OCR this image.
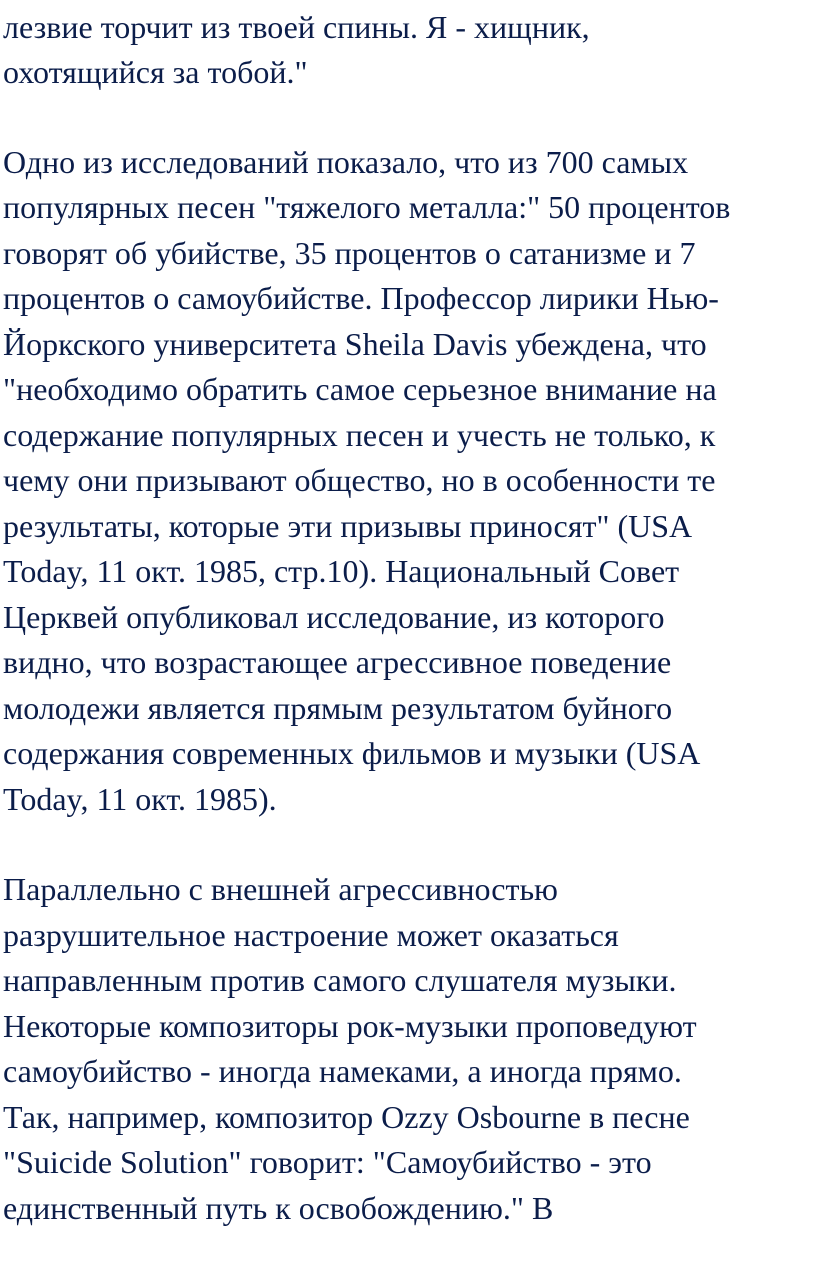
лезвие торчит из твоей спины. Я - хищник,

охотящийся за тобой."

Одно из исследований показало, что из 700 самых

популярных песен "тяжелого металла:" 50 процентов

говорят об убийстве, 35 процентов о сатанизме и 7

процентов о самоубийстве. Профессор лирики Нью-

Йоркского университета Sheila Davis убеждена, что

"необходимо обратить самое серьезное внимание на

содержание популярных песен и учесть не только, к

чему они призывают общество, но в особенности те

результаты, которые эти призывы приносят" (USA

Today, 11 окт. 1985, стр.10). Национальный Совет

Церквей опубликовал исследование, из которого

видно, что возрастающее агрессивное поведение

молодежи является прямым результатом буйного

содержания современных фильмов и музыки (USA

Today, 11 окт. 1985).

Параллельно с внешней агрессивностью

разрушительное настроение может оказаться

направленным против самого слушателя музыки.

Некоторые композиторы рок-музыки проповедуют

самоубийство - иногда намеками, а иногда прямо.

Так, например, композитор Ozzy Osbourne в песне

"Suicide Solution" говорит: "Самоубийство - это

единственный путь к освобождению." В
